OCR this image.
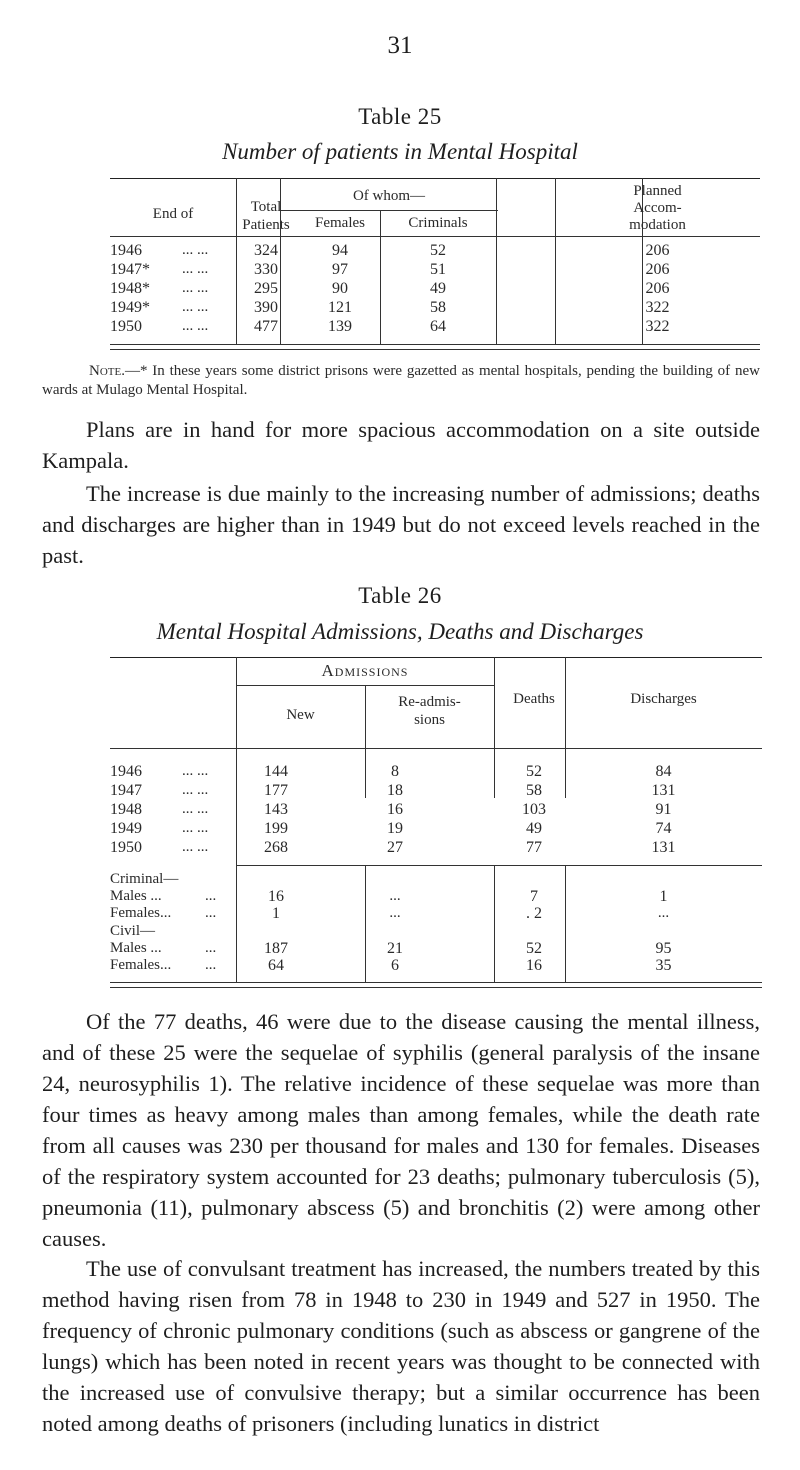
31
Table 25
Number of patients in Mental Hospital
End of	Total
Patients
Of whom—
Females	Criminals
Planned
Accom-
modation
1946	... ...	324	94	52	206
1947* ... ...	330	97	51	206
1948* ... ...	295	90	49	206
1949* ... ...	390	121	58	322
1950	... ...	477	139	64	322
Note.—* In these years some district prisons were gazetted as mental hospitals, pending the building of new wards at Mulago Mental Hospital.
Plans are in hand for more spacious accommodation on a site outside Kampala.
The increase is due mainly to the increasing number of admissions; deaths and discharges are higher than in 1949 but do not exceed levels reached in the past.
Table 26
Mental Hospital Admissions, Deaths and Discharges
Admissions
New
Re-admis-
sions
Deaths	Discharges
1946	... ...	144	8	52	84
1947	... ...	177	18	58	131
1948	... ...	143	16	103	91
1949	... ...	199	19	49	74
1950	... ...	268	27	77	131
Criminal—
Males ...	...	16	...	7	1
Females... ...	1	...	. 2	...
Civil—
Males ...	...	187	21	52	95
Females... ...	64	6	16	35
Of the 77 deaths, 46 were due to the disease causing the mental illness, and of these 25 were the sequelae of syphilis (general paralysis of the insane 24, neurosyphilis 1). The relative incidence of these sequelae was more than four times as heavy among males than among females, while the death rate from all causes was 230 per thousand for males and 130 for females. Diseases of the respiratory system accounted for 23 deaths; pulmonary tuberculosis (5), pneumonia (11), pulmonary abscess (5) and bronchitis (2) were among other causes.
The use of convulsant treatment has increased, the numbers treated by this method having risen from 78 in 1948 to 230 in 1949 and 527 in 1950. The frequency of chronic pulmonary conditions (such as abscess or gangrene of the lungs) which has been noted in recent years was thought to be connected with the increased use of convulsive therapy; but a similar occurrence has been noted among deaths of prisoners (including lunatics in district
